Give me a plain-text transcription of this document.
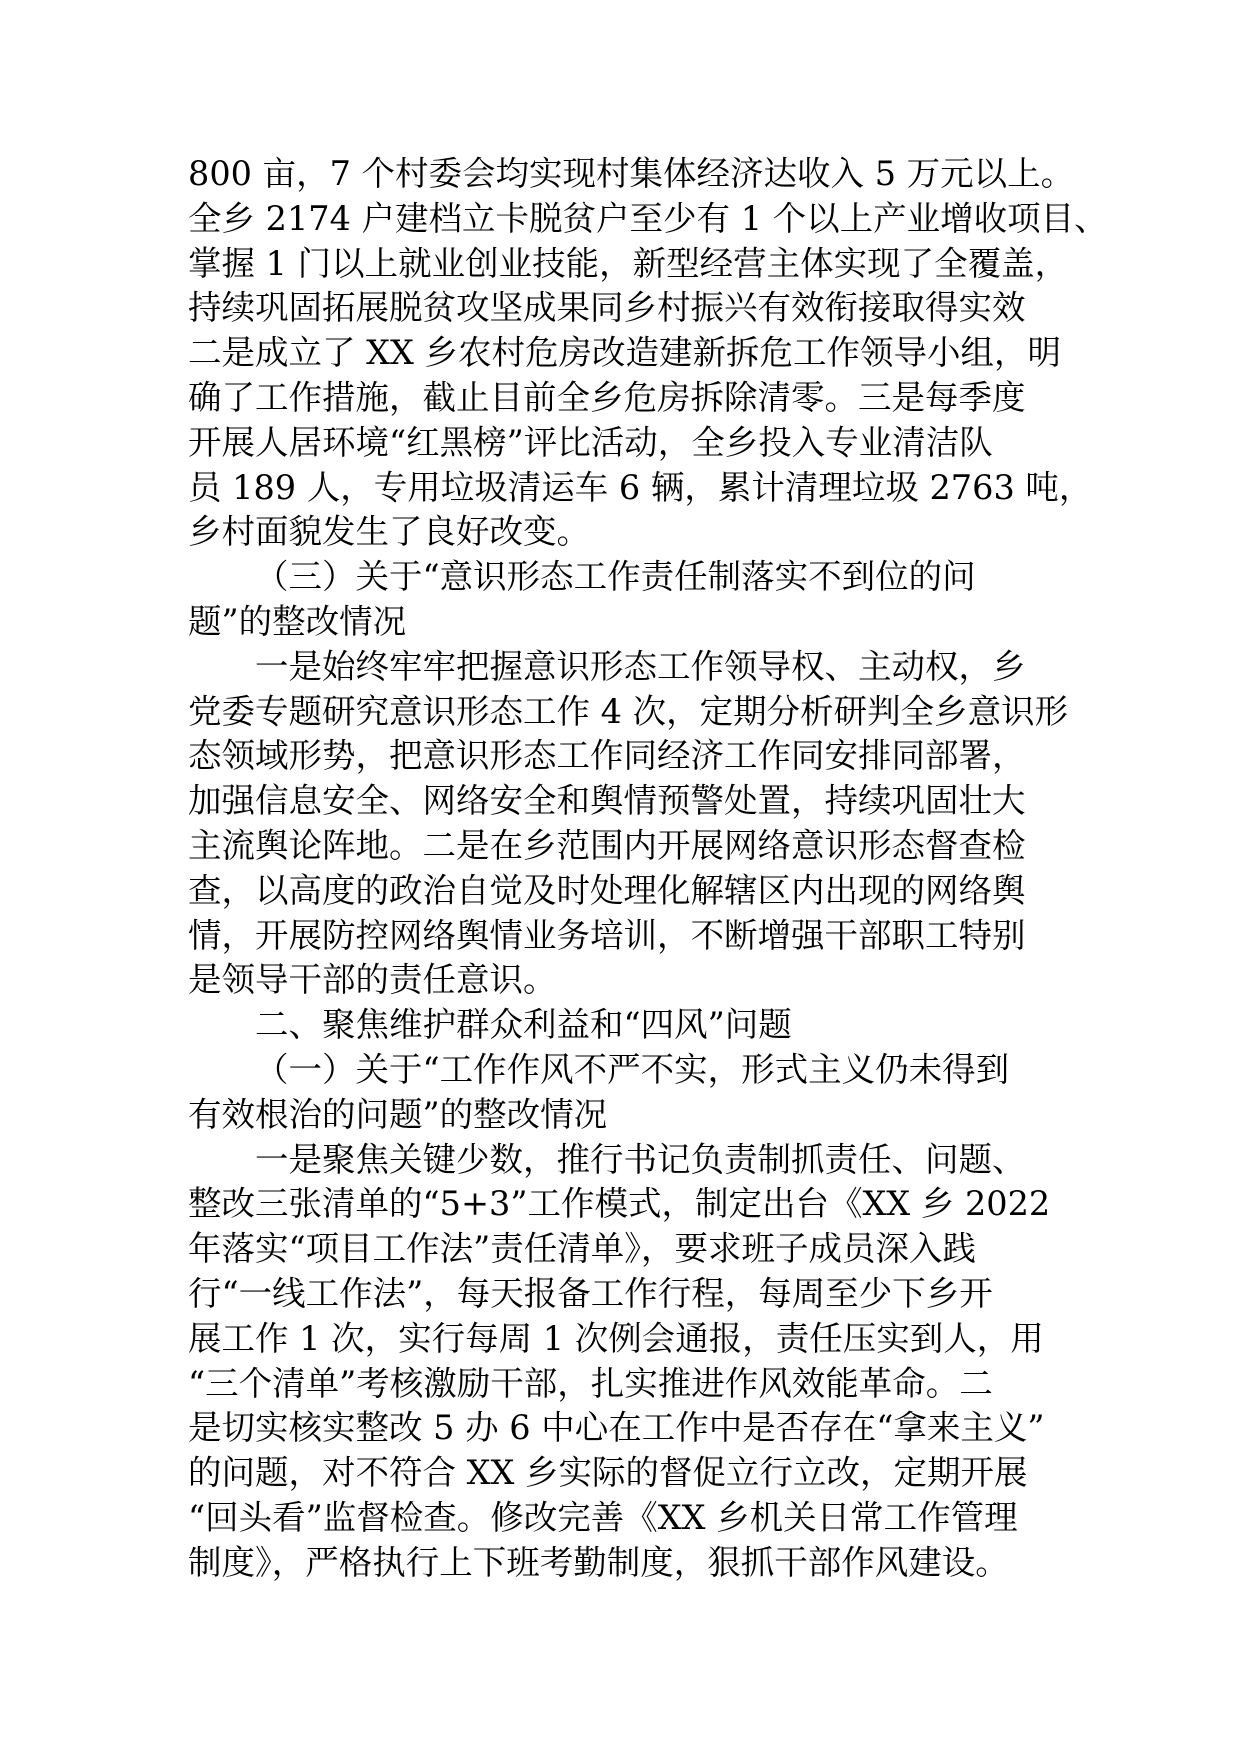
800 亩，7 个村委会均实现村集体经济达收入 5 万元以上。
全乡 2174 户建档立卡脱贫户至少有 1 个以上产业增收项目、
掌握 1 门以上就业创业技能，新型经营主体实现了全覆盖，
持续巩固拓展脱贫攻坚成果同乡村振兴有效衔接取得实效
二是成立了 XX 乡农村危房改造建新拆危工作领导小组，明
确了工作措施，截止目前全乡危房拆除清零。三是每季度
开展人居环境“红黑榜”评比活动，全乡投入专业清洁队
员 189 人，专用垃圾清运车 6 辆，累计清理垃圾 2763 吨，
乡村面貌发生了良好改变。
（三）关于“意识形态工作责任制落实不到位的问
题”的整改情况
一是始终牢牢把握意识形态工作领导权、主动权，乡
党委专题研究意识形态工作 4 次，定期分析研判全乡意识形
态领域形势，把意识形态工作同经济工作同安排同部署，
加强信息安全、网络安全和舆情预警处置，持续巩固壮大
主流舆论阵地。二是在乡范围内开展网络意识形态督查检
查，以高度的政治自觉及时处理化解辖区内出现的网络舆
情，开展防控网络舆情业务培训，不断增强干部职工特别
是领导干部的责任意识。
二、聚焦维护群众利益和“四风”问题
（一）关于“工作作风不严不实，形式主义仍未得到
有效根治的问题”的整改情况
一是聚焦关键少数，推行书记负责制抓责任、问题、
整改三张清单的“5+3”工作模式，制定出台《XX 乡 2022
年落实“项目工作法”责任清单》，要求班子成员深入践
行“一线工作法”，每天报备工作行程，每周至少下乡开
展工作 1 次，实行每周 1 次例会通报，责任压实到人，用
“三个清单”考核激励干部，扎实推进作风效能革命。二
是切实核实整改 5 办 6 中心在工作中是否存在“拿来主义”
的问题，对不符合 XX 乡实际的督促立行立改，定期开展
“回头看”监督检查。修改完善《XX 乡机关日常工作管理
制度》，严格执行上下班考勤制度，狠抓干部作风建设。
